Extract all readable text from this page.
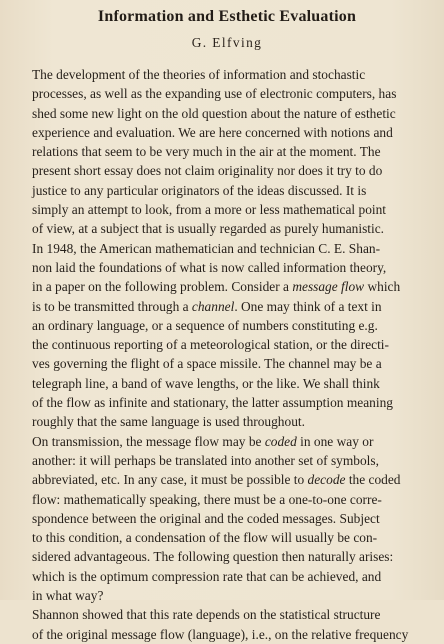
Information and Esthetic Evaluation
G. Elfving

The development of the theories of information and stochastic
processes, as well as the expanding use of electronic computers, has
shed some new light on the old question about the nature of esthetic
experience and evaluation. We are here concerned with notions and
relations that seem to be very much in the air at the moment. The
present short essay does not claim originality nor does it try to do
justice to any particular originators of the ideas discussed. It is
simply an attempt to look, from a more or less mathematical point
of view, at a subject that is usually regarded as purely humanistic.

In 1948, the American mathematician and technician C. E. Shan-
non laid the foundations of what is now called information theory,
in a paper on the following problem. Consider a message flow which
is to be transmitted through a channel. One may think of a text in
an ordinary language, or a sequence of numbers constituting e.g.
the continuous reporting of a meteorological station, or the directi-
ves governing the flight of a space missile. The channel may be a
telegraph line, a band of wave lengths, or the like. We shall think
of the flow as infinite and stationary, the latter assumption meaning
roughly that the same language is used throughout.

On transmission, the message flow may be coded in one way or
another: it will perhaps be translated into another set of symbols,
abbreviated, etc. In any case, it must be possible to decode the coded
flow: mathematically speaking, there must be a one-to-one corre-
spondence between the original and the coded messages. Subject
to this condition, a condensation of the flow will usually be con-
sidered advantageous. The following question then naturally arises:
which is the optimum compression rate that can be achieved, and
in what way?

Shannon showed that this rate depends on the statistical structure
of the original message flow (language), i.e., on the relative frequency
